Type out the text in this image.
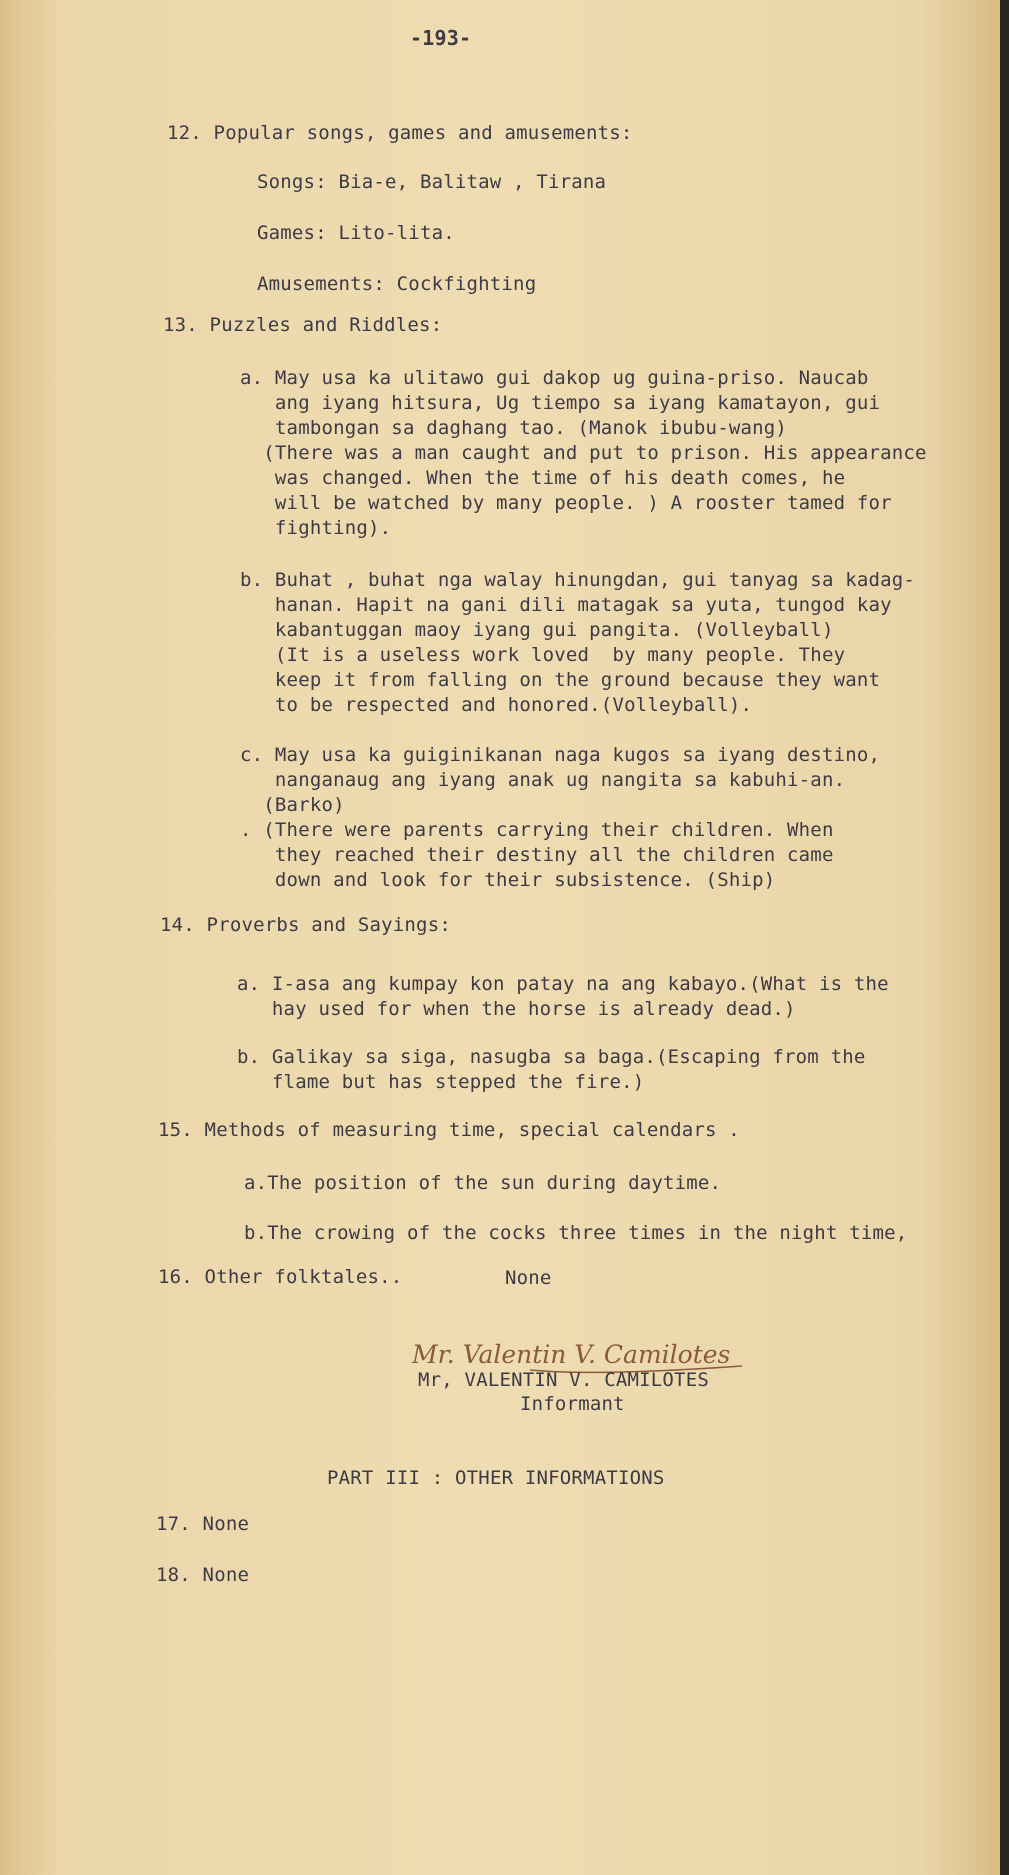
-193-
12. Popular songs, games and amusements:
Songs: Bia-e, Balitaw , Tirana
Games: Lito-lita.
Amusements: Cockfighting
13. Puzzles and Riddles:
a. May usa ka ulitawo gui dakop ug guina-priso. Naucab
ang iyang hitsura, Ug tiempo sa iyang kamatayon, gui
tambongan sa daghang tao. (Manok ibubu-wang)
(There was a man caught and put to prison. His appearance
was changed. When the time of his death comes, he
will be watched by many people. ) A rooster tamed for
fighting).
b. Buhat , buhat nga walay hinungdan, gui tanyag sa kadag-
hanan. Hapit na gani dili matagak sa yuta, tungod kay
kabantuggan maoy iyang gui pangita. (Volleyball)
(It is a useless work loved  by many people. They
keep it from falling on the ground because they want
to be respected and honored.(Volleyball).
c. May usa ka guiginikanan naga kugos sa iyang destino,
nanganaug ang iyang anak ug nangita sa kabuhi-an.
(Barko)
. (There were parents carrying their children. When
they reached their destiny all the children came
down and look for their subsistence. (Ship)
14. Proverbs and Sayings:
a. I-asa ang kumpay kon patay na ang kabayo.(What is the
hay used for when the horse is already dead.)
b. Galikay sa siga, nasugba sa baga.(Escaping from the
flame but has stepped the fire.)
15. Methods of measuring time, special calendars .
a.The position of the sun during daytime.
b.The crowing of the cocks three times in the night time,
16. Other folktales..	None
Mr. Valentin V. Camilotes
Mr, VALENTIN V. CAMILOTES
Informant
PART III : OTHER INFORMATIONS
17. None
18. None
